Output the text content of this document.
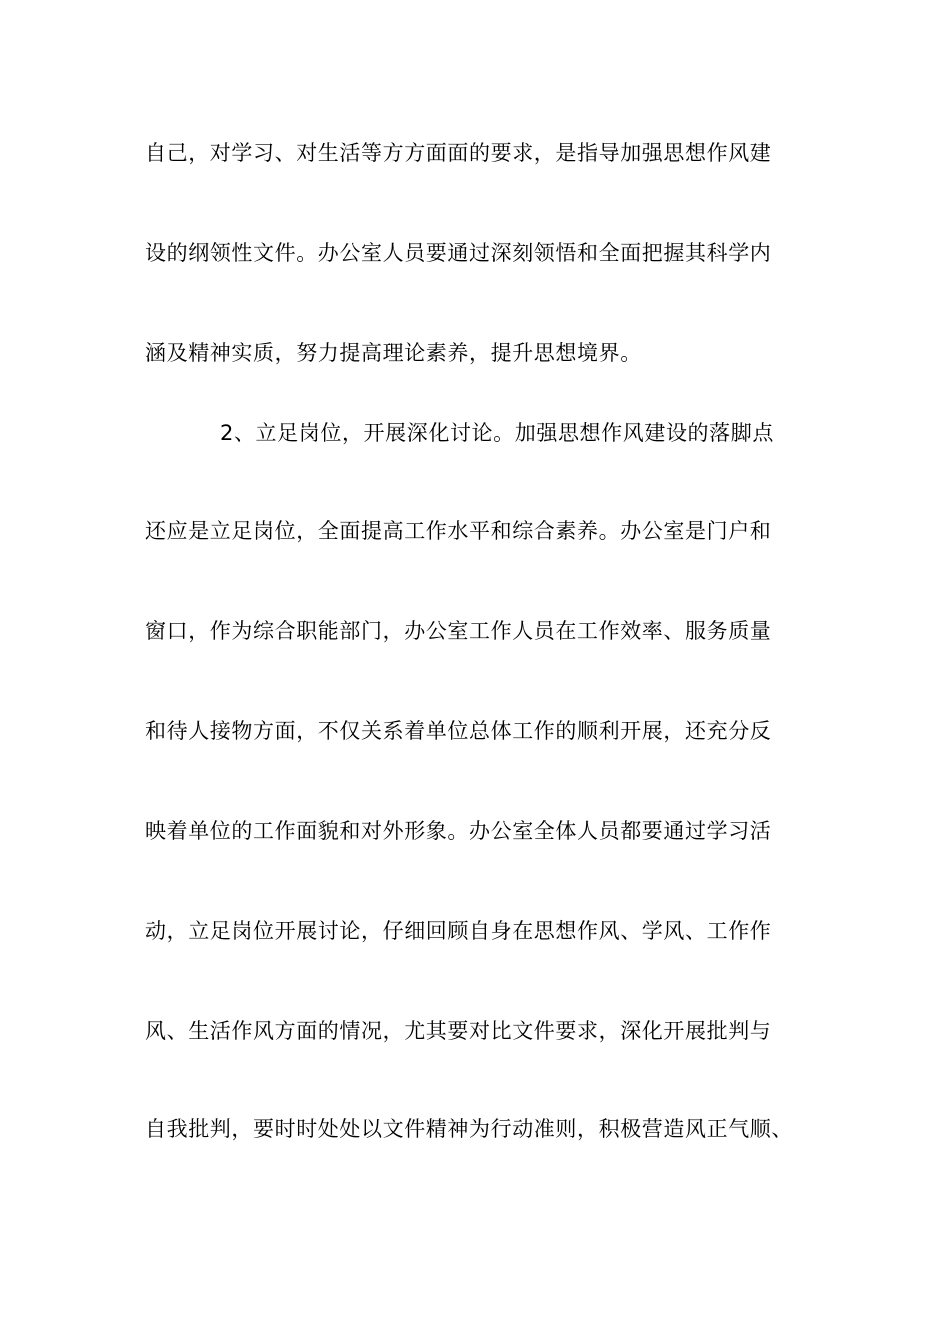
自己，对学习、对生活等方方面面的要求，是指导加强思想作风建
设的纲领性文件。办公室人员要通过深刻领悟和全面把握其科学内
涵及精神实质，努力提高理论素养，提升思想境界。
2、立足岗位，开展深化讨论。加强思想作风建设的落脚点
还应是立足岗位，全面提高工作水平和综合素养。办公室是门户和
窗口，作为综合职能部门，办公室工作人员在工作效率、服务质量
和待人接物方面，不仅关系着单位总体工作的顺利开展，还充分反
映着单位的工作面貌和对外形象。办公室全体人员都要通过学习活
动，立足岗位开展讨论，仔细回顾自身在思想作风、学风、工作作
风、生活作风方面的情况，尤其要对比文件要求，深化开展批判与
自我批判，要时时处处以文件精神为行动准则，积极营造风正气顺、
